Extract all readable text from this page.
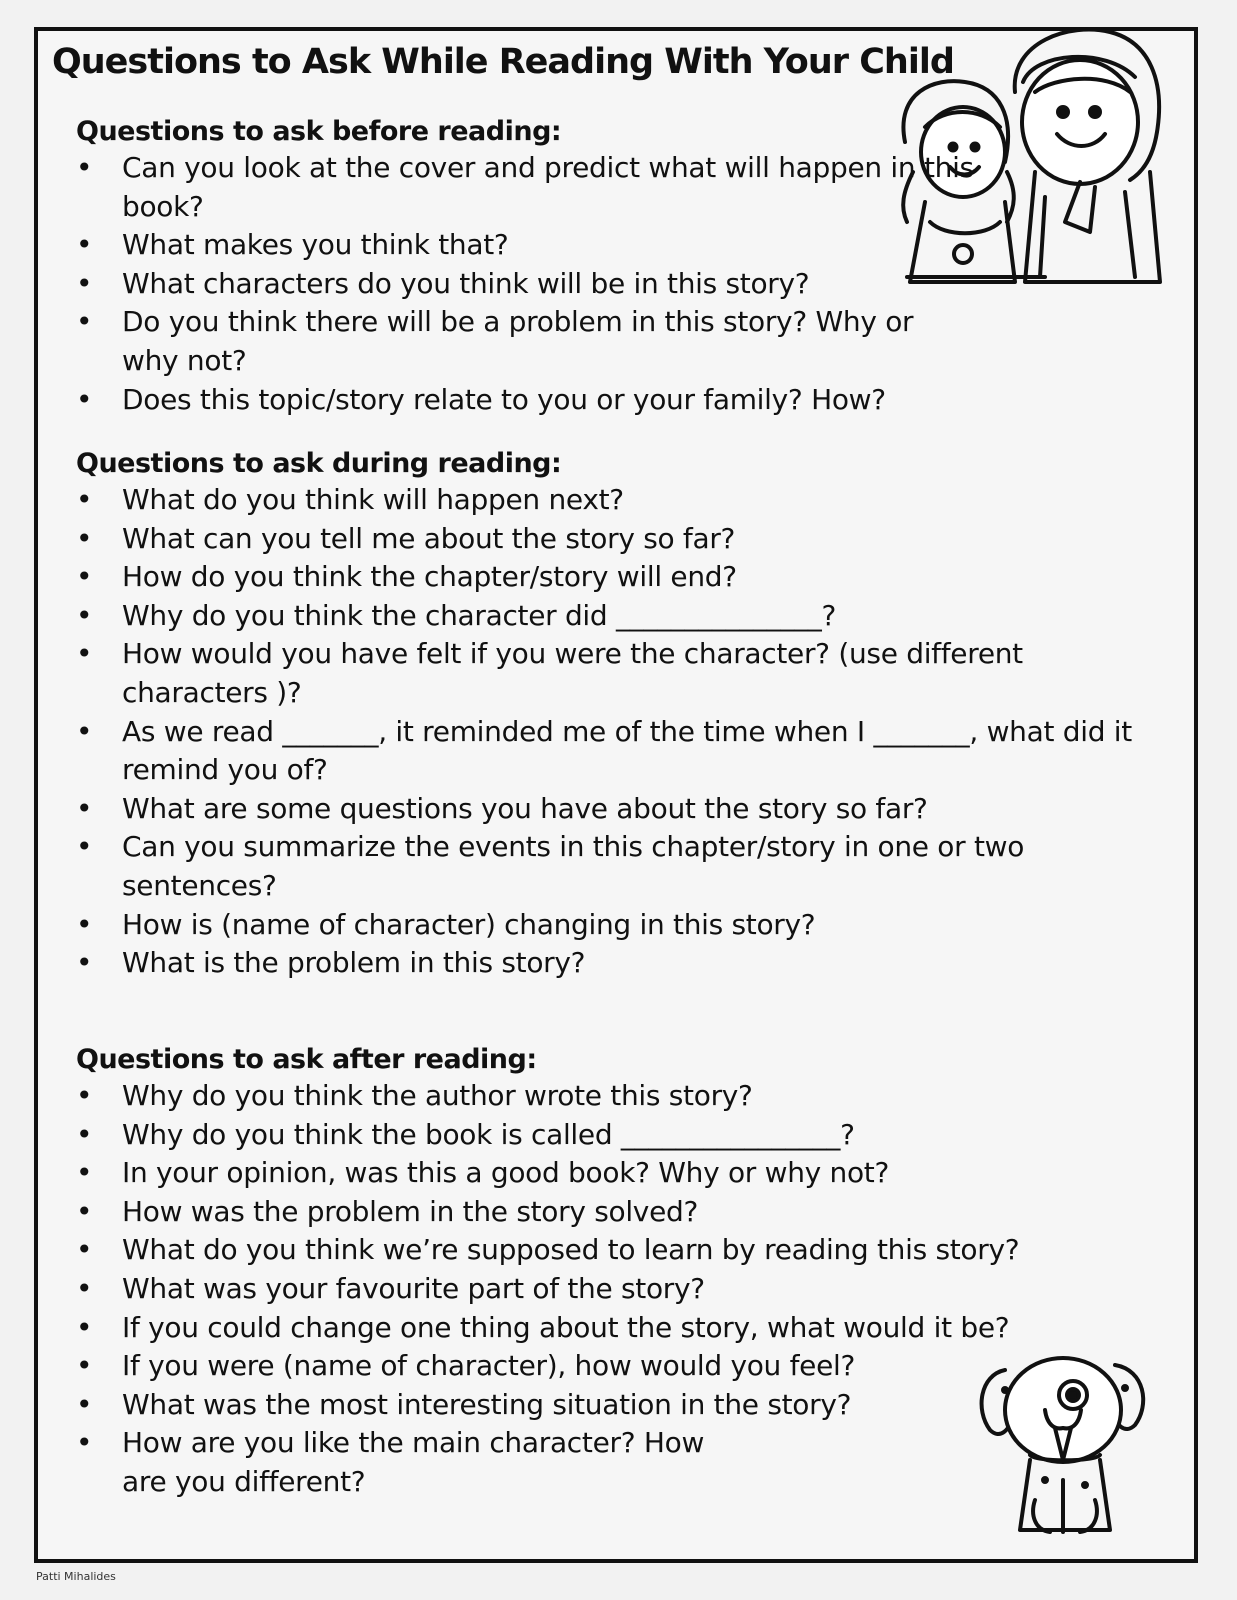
Questions to Ask While Reading With Your Child
Questions to ask before reading:
• Can you look at the cover and predict what will happen in this book?
• What makes you think that?
• What characters do you think will be in this story?
• Do you think there will be a problem in this story? Why or why not?
• Does this topic/story relate to you or your family? How?
Questions to ask during reading:
• What do you think will happen next?
• What can you tell me about the story so far?
• How do you think the chapter/story will end?
• Why do you think the character did _______________?
• How would you have felt if you were the character? (use different characters )?
• As we read _______, it reminded me of the time when I _______, what did it remind you of?
• What are some questions you have about the story so far?
• Can you summarize the events in this chapter/story in one or two sentences?
• How is (name of character) changing in this story?
• What is the problem in this story?
Questions to ask after reading:
• Why do you think the author wrote this story?
• Why do you think the book is called ________________?
• In your opinion, was this a good book? Why or why not?
• How was the problem in the story solved?
• What do you think we’re supposed to learn by reading this story?
• What was your favourite part of the story?
• If you could change one thing about the story, what would it be?
• If you were (name of character), how would you feel?
• What was the most interesting situation in the story?
• How are you like the main character? How are you different?
Patti Mihalides
